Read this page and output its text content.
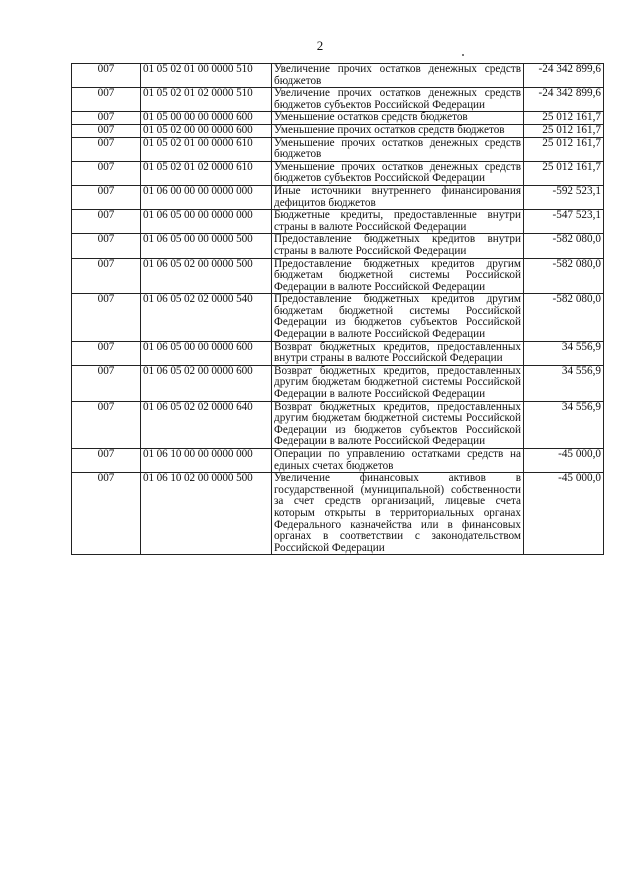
2
007	01 05 02 01 00 0000 510	Увеличение прочих остатков денежных средств бюджетов	-24 342 899,6
007	01 05 02 01 02 0000 510	Увеличение прочих остатков денежных средств бюджетов субъектов Российской Федерации	-24 342 899,6
007	01 05 00 00 00 0000 600	Уменьшение остатков средств бюджетов	25 012 161,7
007	01 05 02 00 00 0000 600	Уменьшение прочих остатков средств бюджетов	25 012 161,7
007	01 05 02 01 00 0000 610	Уменьшение прочих остатков денежных средств бюджетов	25 012 161,7
007	01 05 02 01 02 0000 610	Уменьшение прочих остатков денежных средств бюджетов субъектов Российской Федерации	25 012 161,7
007	01 06 00 00 00 0000 000	Иные источники внутреннего финансирования дефицитов бюджетов	-592 523,1
007	01 06 05 00 00 0000 000	Бюджетные кредиты, предоставленные внутри страны в валюте Российской Федерации	-547 523,1
007	01 06 05 00 00 0000 500	Предоставление бюджетных кредитов внутри страны в валюте Российской Федерации	-582 080,0
007	01 06 05 02 00 0000 500	Предоставление бюджетных кредитов другим бюджетам бюджетной системы Российской Федерации в валюте Российской Федерации	-582 080,0
007	01 06 05 02 02 0000 540	Предоставление бюджетных кредитов другим бюджетам бюджетной системы Российской Федерации из бюджетов субъектов Российской Федерации в валюте Российской Федерации	-582 080,0
007	01 06 05 00 00 0000 600	Возврат бюджетных кредитов, предоставленных внутри страны в валюте Российской Федерации	34 556,9
007	01 06 05 02 00 0000 600	Возврат бюджетных кредитов, предоставленных другим бюджетам бюджетной системы Российской Федерации в валюте Российской Федерации	34 556,9
007	01 06 05 02 02 0000 640	Возврат бюджетных кредитов, предоставленных другим бюджетам бюджетной системы Российской Федерации из бюджетов субъектов Российской Федерации в валюте Российской Федерации	34 556,9
007	01 06 10 00 00 0000 000	Операции по управлению остатками средств на единых счетах бюджетов	-45 000,0
007	01 06 10 02 00 0000 500	Увеличение финансовых активов в государственной (муниципальной) собственности за счет средств организаций, лицевые счета которым открыты в территориальных органах Федерального казначейства или в финансовых органах в соответствии с законодательством Российской Федерации	-45 000,0
